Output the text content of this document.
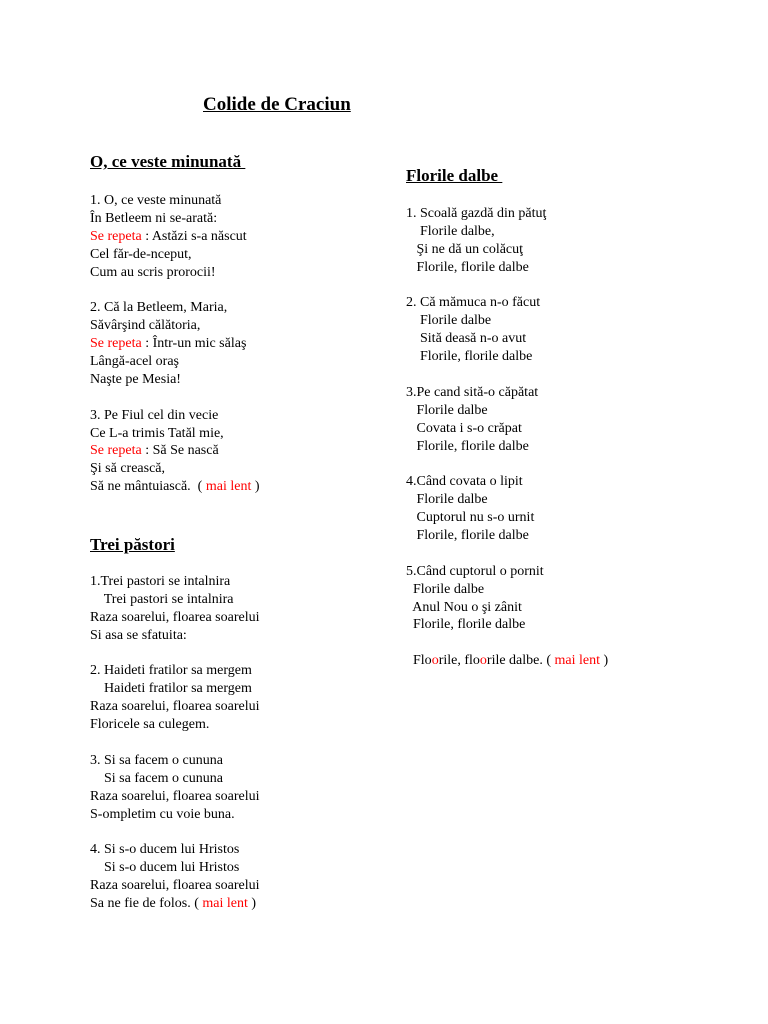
Colide de Craciun
O, ce veste minunată
1. O, ce veste minunată
În Betleem ni se-arată:
Se repeta : Astăzi s-a născut
Cel făr-de-nceput,
Cum au scris prorocii!
2. Că la Betleem, Maria,
Săvârşind călătoria,
Se repeta : Într-un mic sălaş
Lângă-acel oraş
Naşte pe Mesia!
3. Pe Fiul cel din vecie
Ce L-a trimis Tatăl mie,
Se repeta : Să Se nască
Şi să crească,
Să ne mântuiască.  ( mai lent )
Trei păstori
1.Trei pastori se intalnira
Trei pastori se intalnira
Raza soarelui, floarea soarelui
Si asa se sfatuita:
2. Haideti fratilor sa mergem
Haideti fratilor sa mergem
Raza soarelui, floarea soarelui
Floricele sa culegem.
3. Si sa facem o cununa
Si sa facem o cununa
Raza soarelui, floarea soarelui
S-ompletim cu voie buna.
4. Si s-o ducem lui Hristos
Si s-o ducem lui Hristos
Raza soarelui, floarea soarelui
Sa ne fie de folos. ( mai lent )
Florile dalbe
1. Scoală gazdă din pătuţ
Florile dalbe,
Şi ne dă un colăcuţ
Florile, florile dalbe
2. Că mămuca n-o făcut
Florile dalbe
Sită deasă n-o avut
Florile, florile dalbe
3.Pe cand sită-o căpătat
Florile dalbe
Covata i s-o crăpat
Florile, florile dalbe
4.Când covata o lipit
Florile dalbe
Cuptorul nu s-o urnit
Florile, florile dalbe
5.Când cuptorul o pornit
Florile dalbe
Anul Nou o şi zânit
Florile, florile dalbe
Floorile, floorile dalbe. ( mai lent )
